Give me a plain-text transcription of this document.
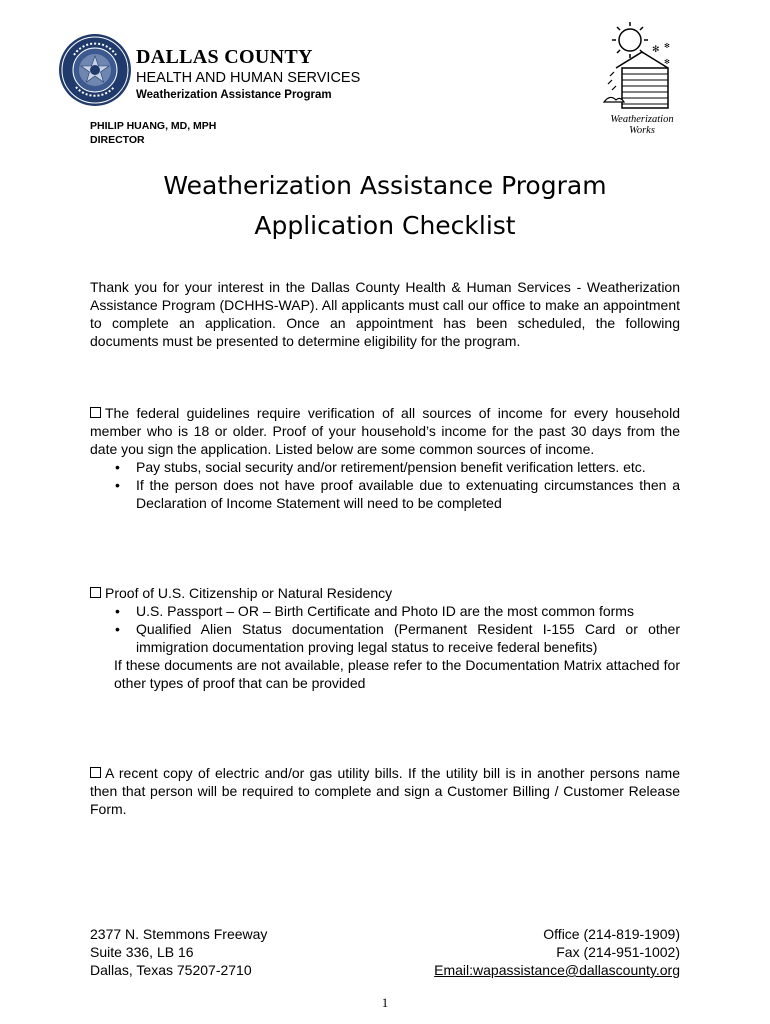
DALLAS COUNTY
HEALTH AND HUMAN SERVICES
Weatherization Assistance Program
PHILIP HUANG, MD, MPH
DIRECTOR
✻ ✻
✻
Weatherization
Works
Weatherization Assistance Program
Application Checklist

Thank you for your interest in the Dallas County Health & Human Services - Weatherization Assistance Program (DCHHS-WAP). All applicants must call our office to make an appointment to complete an application. Once an appointment has been scheduled, the following documents must be presented to determine eligibility for the program.

The federal guidelines require verification of all sources of income for every household member who is 18 or older. Proof of your household’s income for the past 30 days from the date you sign the application. Listed below are some common sources of income.

• Pay stubs, social security and/or retirement/pension benefit verification letters. etc.
• If the person does not have proof available due to extenuating circumstances then a Declaration of Income Statement will need to be completed

Proof of U.S. Citizenship or Natural Residency

• U.S. Passport – OR – Birth Certificate and Photo ID are the most common forms
• Qualified Alien Status documentation (Permanent Resident I-155 Card or other immigration documentation proving legal status to receive federal benefits)

If these documents are not available, please refer to the Documentation Matrix attached for other types of proof that can be provided

A recent copy of electric and/or gas utility bills. If the utility bill is in another persons name then that person will be required to complete and sign a Customer Billing / Customer Release Form.

2377 N. Stemmons Freeway
Suite 336, LB 16
Dallas, Texas 75207-2710
Office (214-819-1909)
Fax (214-951-1002)
Email:wapassistance@dallascounty.org
1
